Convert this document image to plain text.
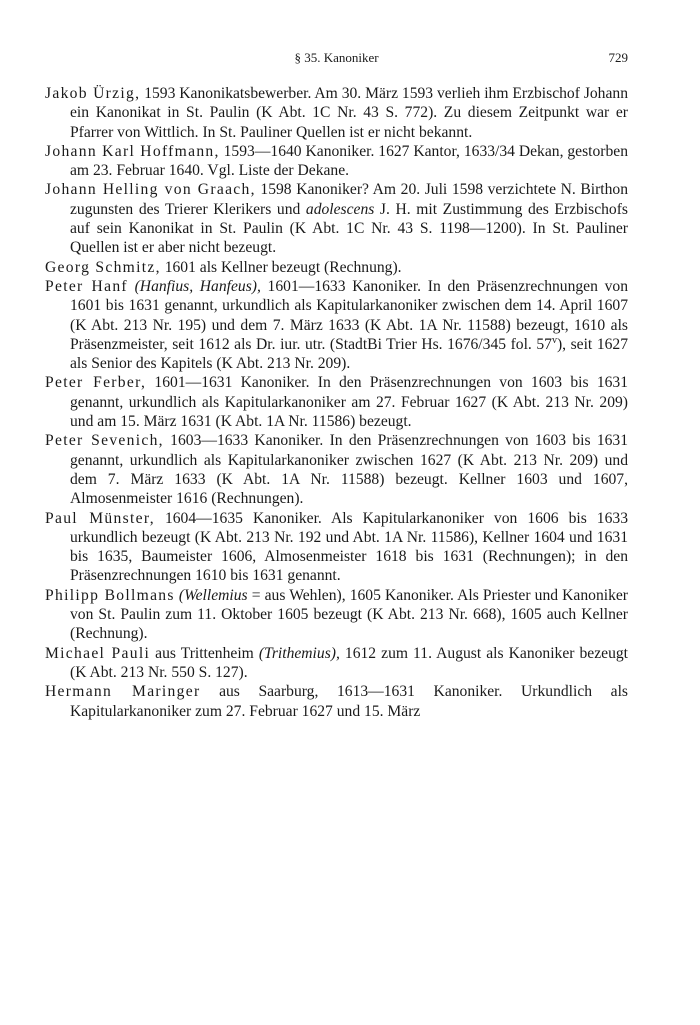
§ 35. Kanoniker	729

Jakob Ürzig, 1593 Kanonikatsbewerber. Am 30. März 1593 verlieh ihm Erzbischof Johann ein Kanonikat in St. Paulin (K Abt. 1C Nr. 43 S. 772). Zu diesem Zeitpunkt war er Pfarrer von Wittlich. In St. Pauliner Quellen ist er nicht bekannt.

Johann Karl Hoffmann, 1593—1640 Kanoniker. 1627 Kantor, 1633/34 Dekan, gestorben am 23. Februar 1640. Vgl. Liste der Dekane.

Johann Helling von Graach, 1598 Kanoniker? Am 20. Juli 1598 verzichtete N. Birthon zugunsten des Trierer Klerikers und adolescens J. H. mit Zustimmung des Erzbischofs auf sein Kanonikat in St. Paulin (K Abt. 1C Nr. 43 S. 1198—1200). In St. Pauliner Quellen ist er aber nicht bezeugt.

Georg Schmitz, 1601 als Kellner bezeugt (Rechnung).

Peter Hanf (Hanfius, Hanfeus), 1601—1633 Kanoniker. In den Präsenzrechnungen von 1601 bis 1631 genannt, urkundlich als Kapitularkanoniker zwischen dem 14. April 1607 (K Abt. 213 Nr. 195) und dem 7. März 1633 (K Abt. 1A Nr. 11588) bezeugt, 1610 als Präsenzmeister, seit 1612 als Dr. iur. utr. (StadtBi Trier Hs. 1676/345 fol. 57$^v$), seit 1627 als Senior des Kapitels (K Abt. 213 Nr. 209).

Peter Ferber, 1601—1631 Kanoniker. In den Präsenzrechnungen von 1603 bis 1631 genannt, urkundlich als Kapitularkanoniker am 27. Februar 1627 (K Abt. 213 Nr. 209) und am 15. März 1631 (K Abt. 1A Nr. 11586) bezeugt.

Peter Sevenich, 1603—1633 Kanoniker. In den Präsenzrechnungen von 1603 bis 1631 genannt, urkundlich als Kapitularkanoniker zwischen 1627 (K Abt. 213 Nr. 209) und dem 7. März 1633 (K Abt. 1A Nr. 11588) bezeugt. Kellner 1603 und 1607, Almosenmeister 1616 (Rechnungen).

Paul Münster, 1604—1635 Kanoniker. Als Kapitularkanoniker von 1606 bis 1633 urkundlich bezeugt (K Abt. 213 Nr. 192 und Abt. 1A Nr. 11586), Kellner 1604 und 1631 bis 1635, Baumeister 1606, Almosenmeister 1618 bis 1631 (Rechnungen); in den Präsenzrechnungen 1610 bis 1631 genannt.

Philipp Bollmans (Wellemius = aus Wehlen), 1605 Kanoniker. Als Priester und Kanoniker von St. Paulin zum 11. Oktober 1605 bezeugt (K Abt. 213 Nr. 668), 1605 auch Kellner (Rechnung).

Michael Pauli aus Trittenheim (Trithemius), 1612 zum 11. August als Kanoniker bezeugt (K Abt. 213 Nr. 550 S. 127).

Hermann Maringer aus Saarburg, 1613—1631 Kanoniker. Urkundlich als Kapitularkanoniker zum 27. Februar 1627 und 15. März
